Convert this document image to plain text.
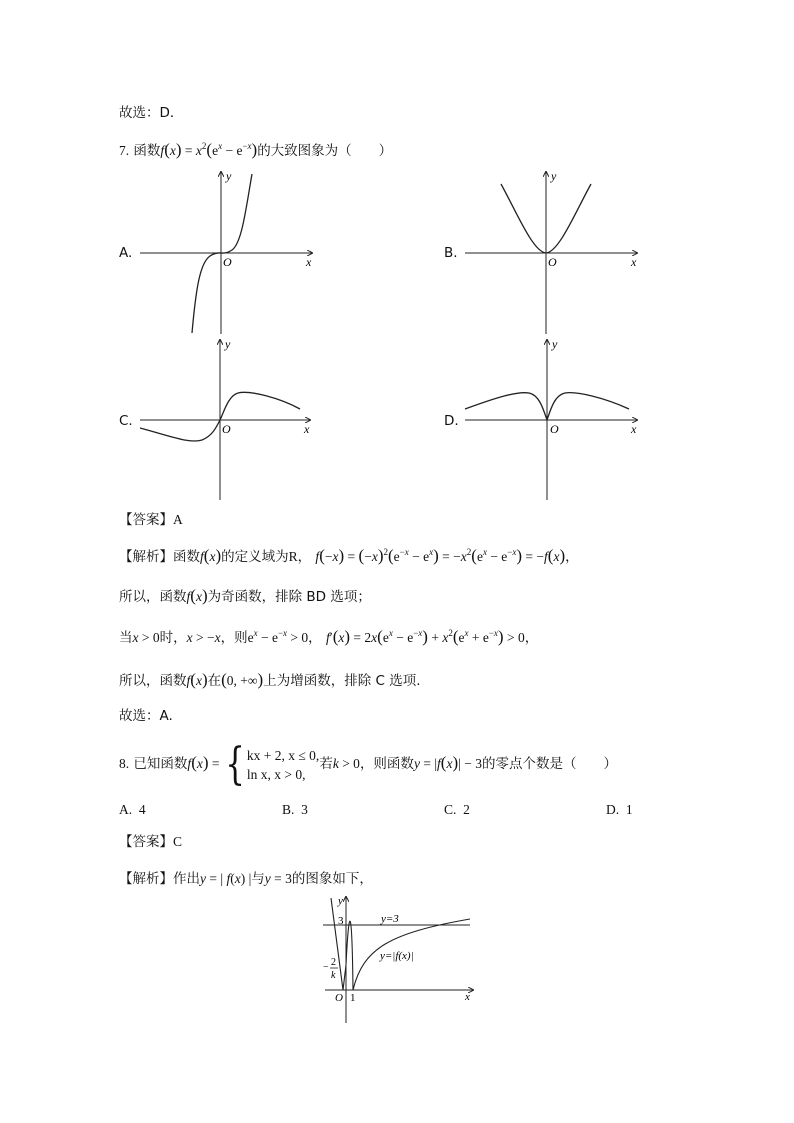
故选：D．
7. 函数$f(x) = x^2(e^x - e^{-x})$的大致图象为（　　）
A.
x
y
O
B.
x
y
O
C.	x
y
O	D.	x
y
O
【答案】A
【解析】函数f(x)的定义域为R， $f(-x) = (-x)^2(e^{-x} - e^x) = -x^2(e^x - e^{-x}) = -f(x)$，
所以，函数f(x)为奇函数，排除 BD 选项；
当x > 0时，x > −x，则$e^x - e^{-x} > 0$， $f'(x) = 2x(e^x - e^{-x}) + x^2(e^x + e^{-x}) > 0$，
所以，函数f(x)在(0, +∞)上为增函数，排除 C 选项.
故选：A.
8. 已知函数f(x) = { kx + 2, x ≤ 0,
ln x, x > 0,
若k > 0，则函数y = |f(x)| − 3的零点个数是（　　）
A. 4	B. 3	C. 2	D. 1
【答案】C
【解析】作出y = | f(x) |与y = 3的图象如下，
y
x
O 1
3
− 2
k
y=3
y=|f(x)|
